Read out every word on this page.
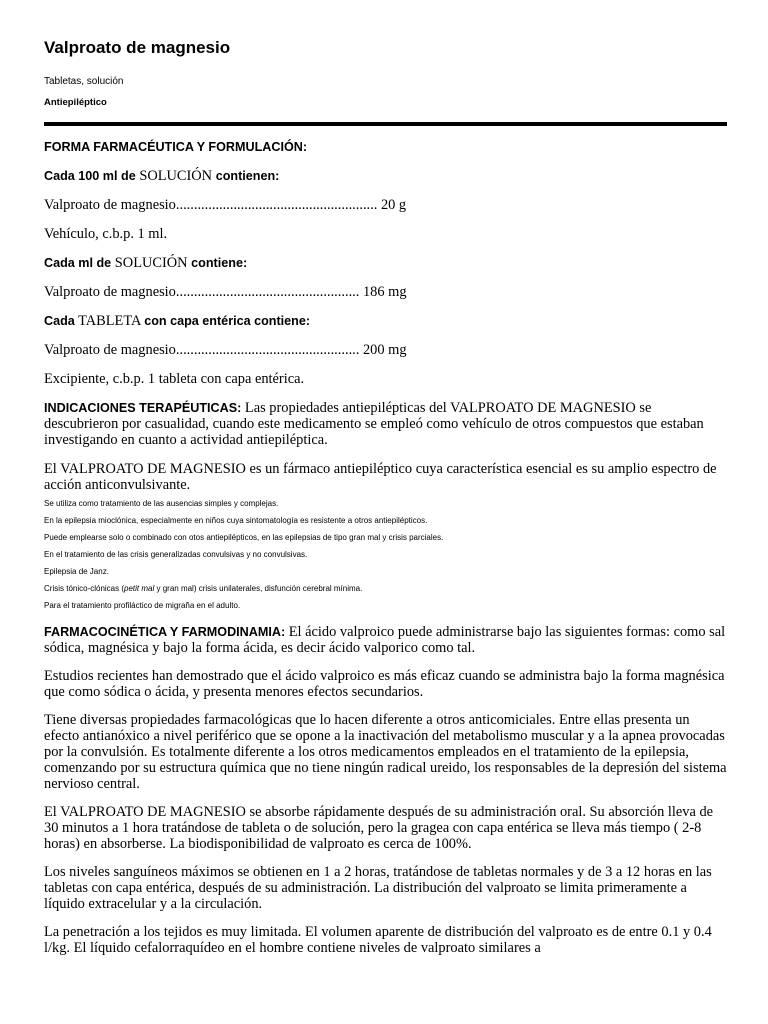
Valproato de magnesio
Tabletas, solución
Antiepiléptico

FORMA FARMACÉUTICA Y FORMULACIÓN:

Cada 100 ml de SOLUCIÓN contienen:

Valproato de magnesio........................................................ 20 g

Vehículo, c.b.p. 1 ml.

Cada ml de SOLUCIÓN contiene:

Valproato de magnesio................................................... 186 mg

Cada TABLETA con capa entérica contiene:

Valproato de magnesio................................................... 200 mg

Excipiente, c.b.p. 1 tableta con capa entérica.

INDICACIONES TERAPÉUTICAS: Las propiedades antiepilépticas del VALPROATO DE MAGNESIO se descubrieron por casualidad, cuando este medicamento se empleó como vehículo de otros compuestos que estaban investigando en cuanto a actividad antiepiléptica.

El VALPROATO DE MAGNESIO es un fármaco antiepiléptico cuya característica esencial es su amplio espectro de acción anticonvulsivante.

Se utiliza como tratamiento de las ausencias simples y complejas.

En la epilepsia mioclónica, especialmente en niños cuya sintomatología es resistente a otros antiepilépticos.

Puede emplearse solo o combinado con otos antiepilépticos, en las epilepsias de tipo gran mal y crisis parciales.

En el tratamiento de las crisis generalizadas convulsivas y no convulsivas.

Epilepsia de Janz.

Crisis tónico-clónicas (petit mal y gran mal) crisis unilaterales, disfunción cerebral mínima.

Para el tratamiento profiláctico de migraña en el adulto.

FARMACOCINÉTICA Y FARMODINAMIA: El ácido valproico puede administrarse bajo las siguientes formas: como sal sódica, magnésica y bajo la forma ácida, es decir ácido valporico como tal.

Estudios recientes han demostrado que el ácido valproico es más eficaz cuando se administra bajo la forma magnésica que como sódica o ácida, y presenta menores efectos secundarios.

Tiene diversas propiedades farmacológicas que lo hacen diferente a otros anticomiciales. Entre ellas presenta un efecto antianóxico a nivel periférico que se opone a la inactivación del metabolismo muscular y a la apnea provocadas por la convulsión. Es totalmente diferente a los otros medicamentos empleados en el tratamiento de la epilepsia, comenzando por su estructura química que no tiene ningún radical ureido, los responsables de la depresión del sistema nervioso central.

El VALPROATO DE MAGNESIO se absorbe rápidamente después de su administración oral. Su absorción lleva de 30 minutos a 1 hora tratándose de tableta o de solución, pero la gragea con capa entérica se lleva más tiempo ( 2-8 horas) en absorberse. La biodisponibilidad de valproato es cerca de 100%.

Los niveles sanguíneos máximos se obtienen en 1 a 2 horas, tratándose de tabletas normales y de 3 a 12 horas en las tabletas con capa entérica, después de su administración. La distribución del valproato se limita primeramente a líquido extracelular y a la circulación.

La penetración a los tejidos es muy limitada. El volumen aparente de distribución del valproato es de entre 0.1 y 0.4 l/kg. El líquido cefalorraquídeo en el hombre contiene niveles de valproato similares a
